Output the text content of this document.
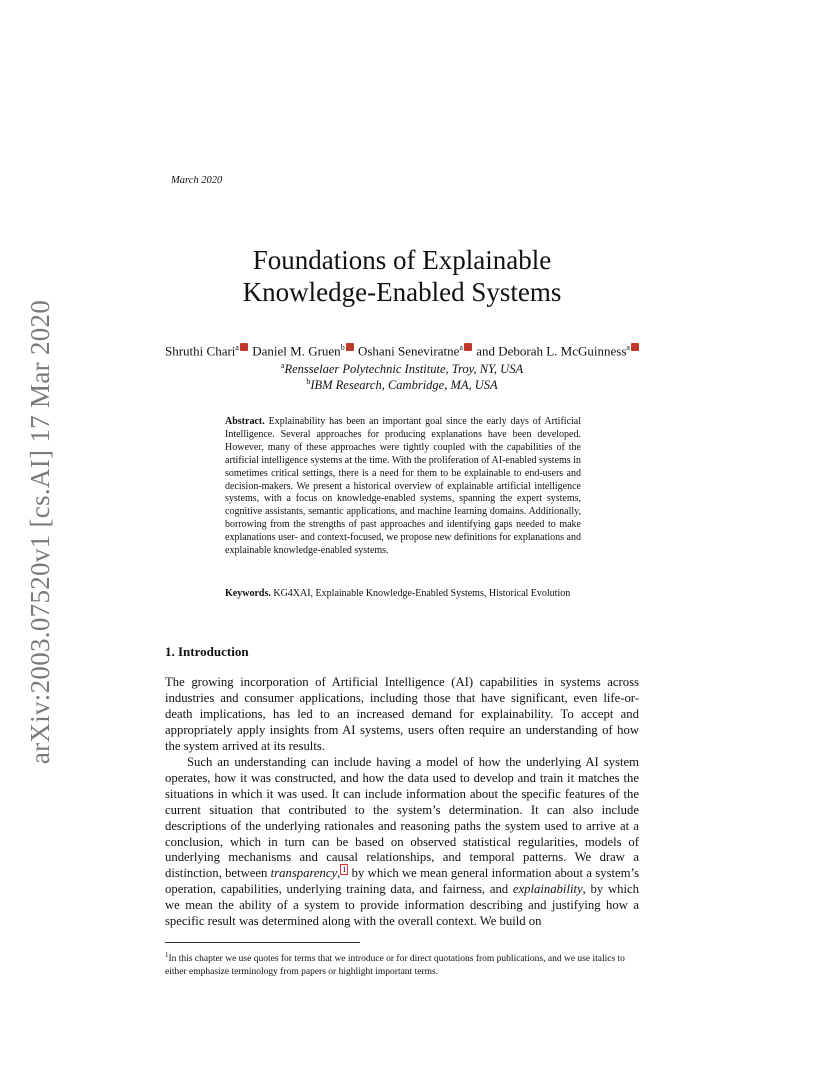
arXiv:2003.07520v1 [cs.AI] 17 Mar 2020
March 2020
Foundations of Explainable
Knowledge-Enabled Systems
Shruthi Chari$^a$ Daniel M. Gruen$^b$ Oshani Seneviratne$^a$ and Deborah L. McGuinness$^a$
$^a$Rensselaer Polytechnic Institute, Troy, NY, USA
$^b$IBM Research, Cambridge, MA, USA
Abstract. Explainability has been an important goal since the early days of Artificial Intelligence. Several approaches for producing explanations have been developed. However, many of these approaches were tightly coupled with the capabilities of the artificial intelligence systems at the time. With the proliferation of AI-enabled systems in sometimes critical settings, there is a need for them to be explainable to end-users and decision-makers. We present a historical overview of explainable artificial intelligence systems, with a focus on knowledge-enabled systems, spanning the expert systems, cognitive assistants, semantic applications, and machine learning domains. Additionally, borrowing from the strengths of past approaches and identifying gaps needed to make explanations user- and context-focused, we propose new definitions for explanations and explainable knowledge-enabled systems.
Keywords. KG4XAI, Explainable Knowledge-Enabled Systems, Historical Evolution
1. Introduction
The growing incorporation of Artificial Intelligence (AI) capabilities in systems across industries and consumer applications, including those that have significant, even life-or-death implications, has led to an increased demand for explainability. To accept and appropriately apply insights from AI systems, users often require an understanding of how the system arrived at its results.
Such an understanding can include having a model of how the underlying AI system operates, how it was constructed, and how the data used to develop and train it matches the situations in which it was used. It can include information about the specific features of the current situation that contributed to the system’s determination. It can also include descriptions of the underlying rationales and reasoning paths the system used to arrive at a conclusion, which in turn can be based on observed statistical regularities, models of underlying mechanisms and causal relationships, and temporal patterns. We draw a distinction, between transparency, $^1$ by which we mean general information about a system’s operation, capabilities, underlying training data, and fairness, and explainability, by which we mean the ability of a system to provide information describing and justifying how a specific result was determined along with the overall context. We build on
$^1$In this chapter we use quotes for terms that we introduce or for direct quotations from publications, and we use italics to either emphasize terminology from papers or highlight important terms.
